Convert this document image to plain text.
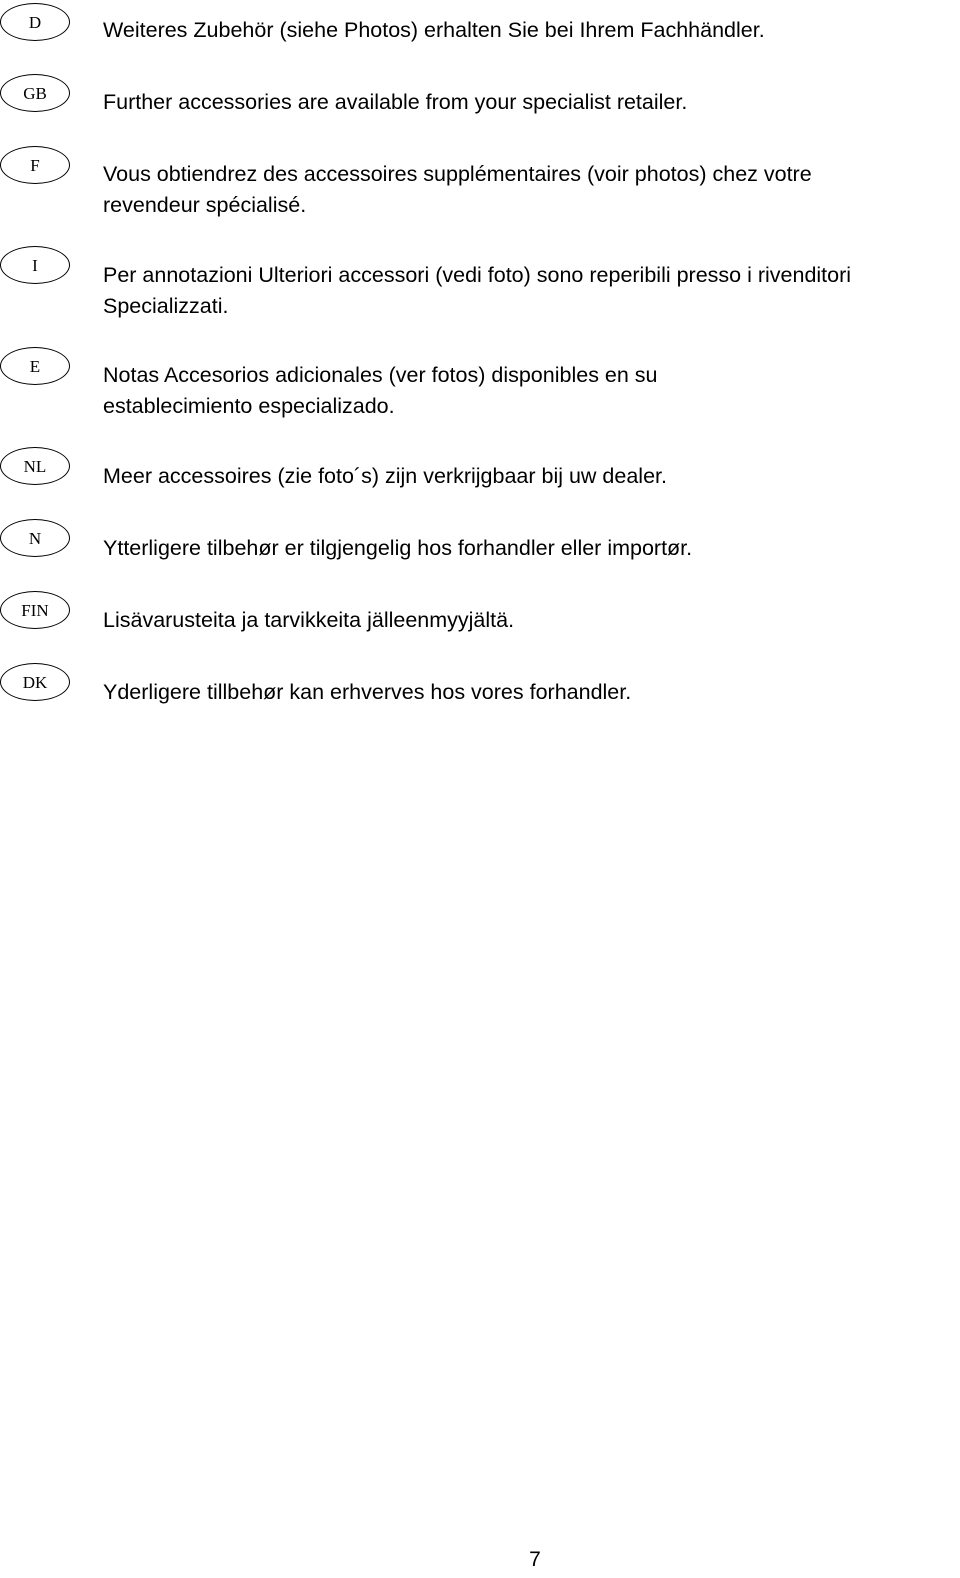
D	Weiteres Zubehör (siehe Photos) erhalten Sie bei Ihrem Fachhändler.
GB	Further accessories are available from your specialist retailer.
F	Vous obtiendrez des accessoires supplémentaires (voir photos) chez votre
revendeur spécialisé.
I	Per annotazioni Ulteriori accessori (vedi foto) sono reperibili presso i rivenditori
Specializzati.
E	Notas Accesorios adicionales (ver fotos) disponibles en su
establecimiento especializado.
NL	Meer accessoires (zie foto´s) zijn verkrijgbaar bij uw dealer.
N	Ytterligere tilbehør er tilgjengelig hos forhandler eller importør.
FIN	Lisävarusteita ja tarvikkeita jälleenmyyjältä.
DK	Yderligere tillbehør kan erhverves hos vores forhandler.
7
